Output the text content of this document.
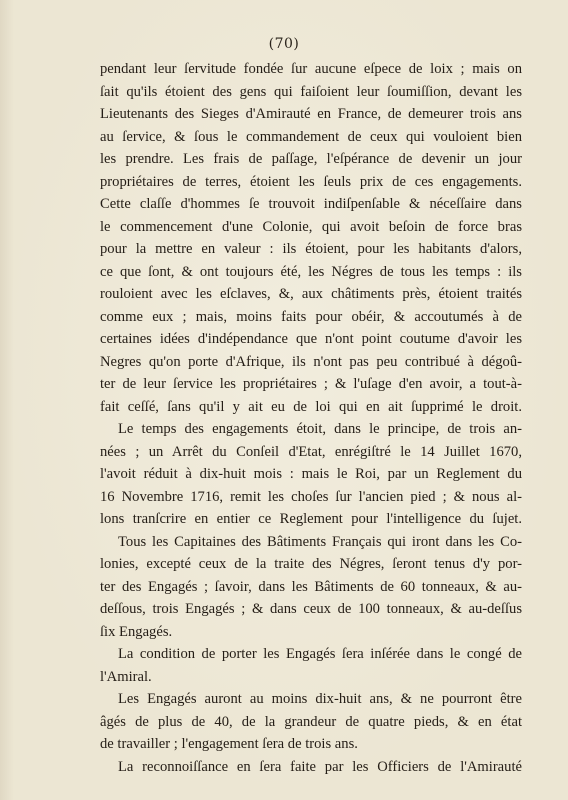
(70)
pendant leur ſervitude fondée ſur aucune eſpece de loix ; mais on
ſait qu'ils étoient des gens qui faiſoient leur ſoumiſſion, devant les
Lieutenants des Sieges d'Amirauté en France, de demeurer trois ans
au ſervice, & ſous le commandement de ceux qui vouloient bien
les prendre. Les frais de paſſage, l'eſpérance de devenir un jour
propriétaires de terres, étoient les ſeuls prix de ces engagements.
Cette claſſe d'hommes ſe trouvoit indiſpenſable & néceſſaire dans
le commencement d'une Colonie, qui avoit beſoin de force bras
pour la mettre en valeur : ils étoient, pour les habitants d'alors,
ce que ſont, & ont toujours été, les Négres de tous les temps : ils
rouloient avec les eſclaves, &, aux châtiments près, étoient traités
comme eux ; mais, moins faits pour obéir, & accoutumés à de
certaines idées d'indépendance que n'ont point coutume d'avoir les
Negres qu'on porte d'Afrique, ils n'ont pas peu contribué à dégoû-
ter de leur ſervice les propriétaires ; & l'uſage d'en avoir, a tout-à-
fait ceſſé, ſans qu'il y ait eu de loi qui en ait ſupprimé le droit.
Le temps des engagements étoit, dans le principe, de trois an-
nées ; un Arrêt du Conſeil d'Etat, enrégiſtré le 14 Juillet 1670,
l'avoit réduit à dix-huit mois : mais le Roi, par un Reglement du
16 Novembre 1716, remit les choſes ſur l'ancien pied ; & nous al-
lons tranſcrire en entier ce Reglement pour l'intelligence du ſujet.
Tous les Capitaines des Bâtiments Français qui iront dans les Co-
lonies, excepté ceux de la traite des Négres, ſeront tenus d'y por-
ter des Engagés ; ſavoir, dans les Bâtiments de 60 tonneaux, & au-
deſſous, trois Engagés ; & dans ceux de 100 tonneaux, & au-deſſus
ſix Engagés.
La condition de porter les Engagés ſera inſérée dans le congé de
l'Amiral.
Les Engagés auront au moins dix-huit ans, & ne pourront être
âgés de plus de 40, de la grandeur de quatre pieds, & en état
de travailler ; l'engagement ſera de trois ans.
La reconnoiſſance en ſera faite par les Officiers de l'Amirauté
